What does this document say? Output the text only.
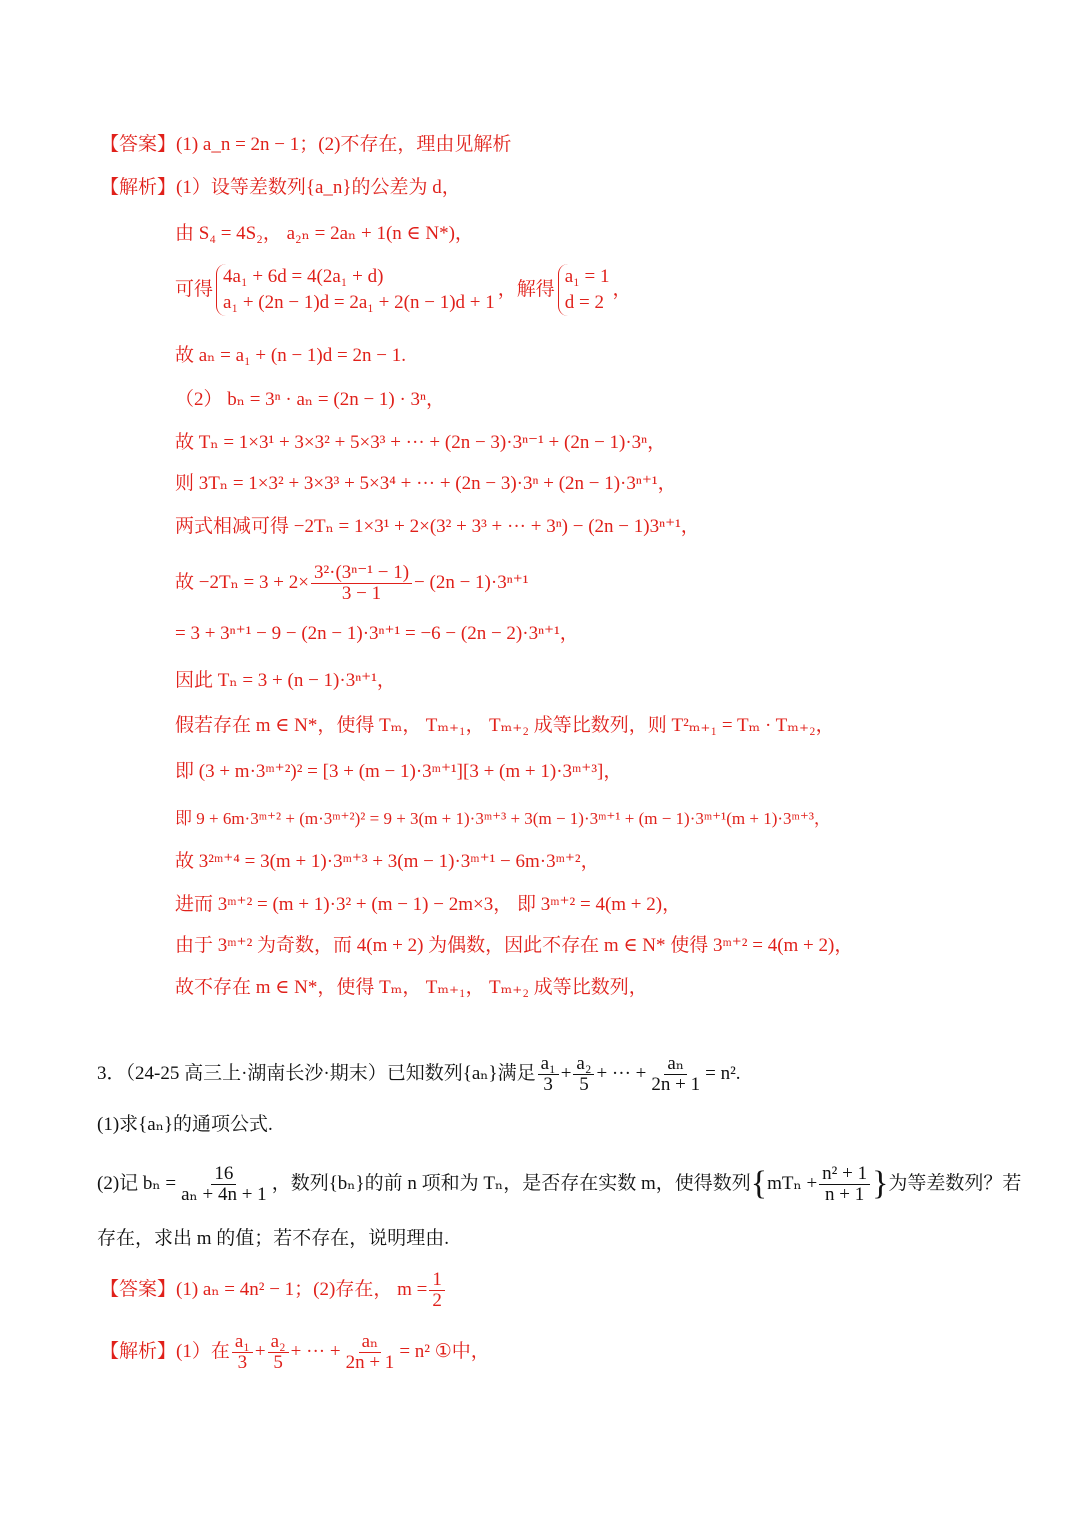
【答案】(1) a_n = 2n − 1；(2)不存在，理由见解析
【解析】(1）设等差数列{a_n}的公差为 d，
由 S₄ = 4S₂， a₂ₙ = 2aₙ + 1(n ∈ N*)，
可得
4a₁ + 6d = 4(2a₁ + d)
a₁ + (2n − 1)d = 2a₁ + 2(n − 1)d + 1
，解得
a₁ = 1
d = 2
，
故 aₙ = a₁ + (n − 1)d = 2n − 1.
（2） bₙ = 3ⁿ · aₙ = (2n − 1) · 3ⁿ，
故 Tₙ = 1×3¹ + 3×3² + 5×3³ + ··· + (2n − 3)·3ⁿ⁻¹ + (2n − 1)·3ⁿ，
则 3Tₙ = 1×3² + 3×3³ + 5×3⁴ + ··· + (2n − 3)·3ⁿ + (2n − 1)·3ⁿ⁺¹，
两式相减可得 −2Tₙ = 1×3¹ + 2×(3² + 3³ + ··· + 3ⁿ) − (2n − 1)3ⁿ⁺¹，
故 $-2T_n = 3 + 2\times \frac{\text{3²·(3ⁿ⁻¹ − 1)}}{3 - 1} - (2n - 1)\cdot 3^{n+1}$
= 3 + 3ⁿ⁺¹ − 9 − (2n − 1)·3ⁿ⁺¹ = −6 − (2n − 2)·3ⁿ⁺¹，
因此 Tₙ = 3 + (n − 1)·3ⁿ⁺¹，
假若存在 m ∈ N*，使得 Tₘ， Tₘ₊₁， Tₘ₊₂ 成等比数列，则 T²ₘ₊₁ = Tₘ · Tₘ₊₂，
即 (3 + m·3ᵐ⁺²)² = [3 + (m − 1)·3ᵐ⁺¹][3 + (m + 1)·3ᵐ⁺³]，
即 9 + 6m·3ᵐ⁺² + (m·3ᵐ⁺²)² = 9 + 3(m + 1)·3ᵐ⁺³ + 3(m − 1)·3ᵐ⁺¹ + (m − 1)·3ᵐ⁺¹(m + 1)·3ᵐ⁺³，
故 3²ᵐ⁺⁴ = 3(m + 1)·3ᵐ⁺³ + 3(m − 1)·3ᵐ⁺¹ − 6m·3ᵐ⁺²，
进而 3ᵐ⁺² = (m + 1)·3² + (m − 1) − 2m×3， 即 3ᵐ⁺² = 4(m + 2)，
由于 3ᵐ⁺² 为奇数，而 4(m + 2) 为偶数，因此不存在 m ∈ N* 使得 3ᵐ⁺² = 4(m + 2)，
故不存在 m ∈ N*，使得 Tₘ， Tₘ₊₁， Tₘ₊₂ 成等比数列，
3．（24-25 高三上·湖南长沙·期末）已知数列{aₙ}满足 $\frac{\text{a₁}}{3} + \frac{\text{a₂}}{5}$ + ··· + $\frac{\text{aₙ}}{2n + 1} = n^2$.
(1)求{aₙ}的通项公式.
(2)记 $b_n = \frac{16}{\text{aₙ + 4n + 1}}$ ，数列{bₙ}的前 n 项和为 Tₙ，是否存在实数 m，使得数列 { $mT_n + \frac{\text{n² + 1}}{n + 1}$ } 为等差数列？若
存在，求出 m 的值；若不存在，说明理由.
【答案】(1) aₙ = 4n² − 1；(2)存在， $m = \frac{1}{2}$
【解析】(1）在 $\frac{\text{a₁}}{3} + \frac{\text{a₂}}{5}$ + ··· + $\frac{\text{aₙ}}{2n + 1} = n^2$ ①中，
